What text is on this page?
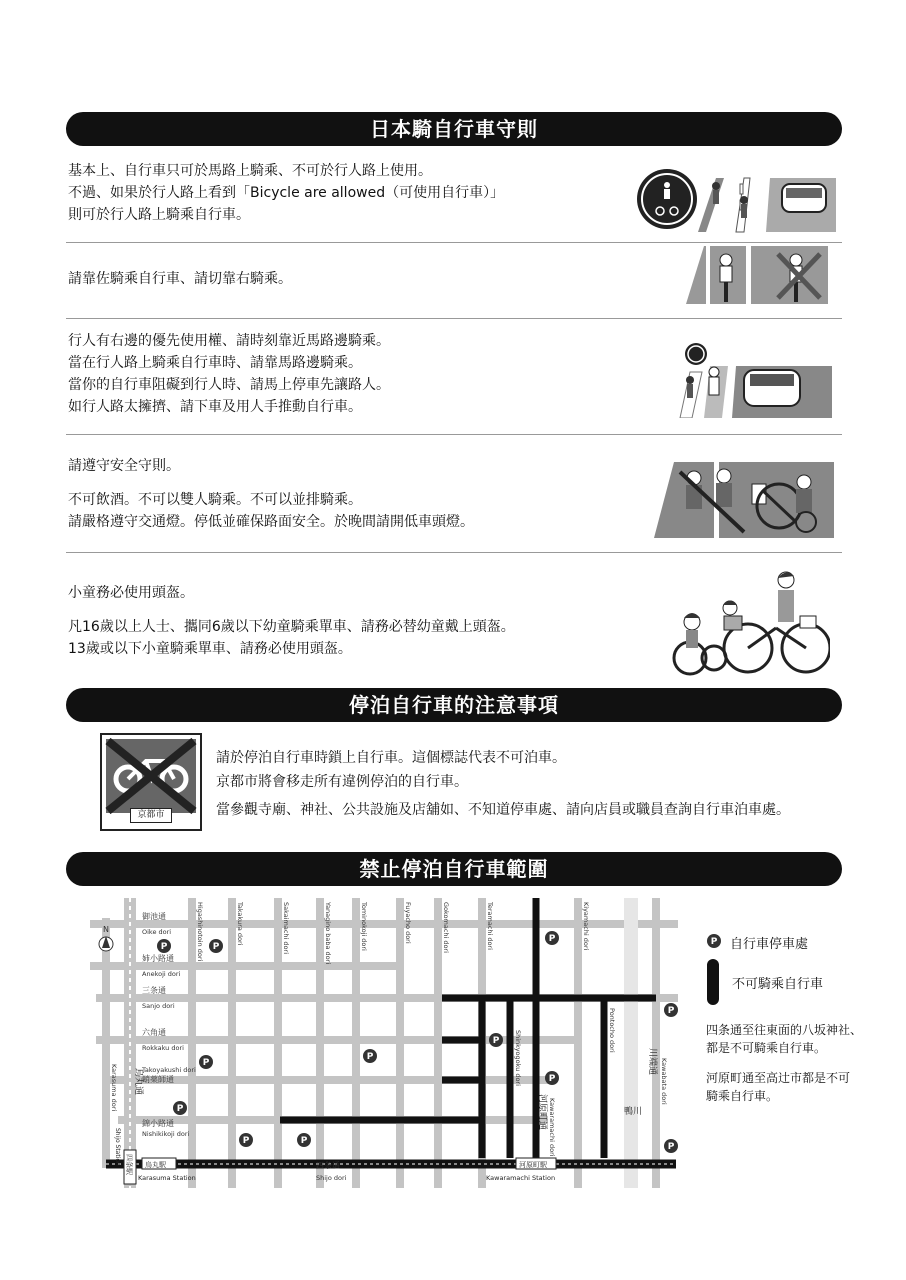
日本騎自行車守則
基本上、自行車只可於馬路上騎乘、不可於行人路上使用。
不過、如果於行人路上看到「Bicycle are allowed（可使用自行車）」
則可於行人路上騎乘自行車。
請靠佐騎乘自行車、請切靠右騎乘。
行人有右邊的優先使用權、請時刻靠近馬路邊騎乘。
當在行人路上騎乘自行車時、請靠馬路邊騎乘。
當你的自行車阻礙到行人時、請馬上停車先讓路人。
如行人路太擁擠、請下車及用人手推動自行車。
請遵守安全守則。
不可飲酒。不可以雙人騎乘。不可以並排騎乘。
請嚴格遵守交通燈。停低並確保路面安全。於晚間請開低車頭燈。
小童務必使用頭盔。
凡16歲以上人士、攜同6歲以下幼童騎乘單車、請務必替幼童戴上頭盔。
13歲或以下小童騎乘單車、請務必使用頭盔。
停泊自行車的注意事項
京都市
請於停泊自行車時鎖上自行車。這個標誌代表不可泊車。
京都市將會移走所有違例停泊的自行車。
當參觀寺廟、神社、公共設施及店舖如、不知道停車處、請向店員或職員查詢自行車泊車處。
禁止停泊自行車範圍
P	P
P
P
P
P
P
P
P	P
P
P
N
御池通
Oike dori
姉小路通
Anekoji dori
三条通
Sanjo dori
六角通
Rokkaku dori
Takoyakushi dori
蛸薬師通
錦小路通
Nishikikoji dori
四条通
Shijo dori
Higashinotoin dori	Takakura dori	Sakaimachi dori	Yanagino baba dori	Tominokoji dori	Fuyacho dori	Gokomachi dori	Teramachi dori
Shinkyogoku dori
Kawaramachi dori
Pontocho dori
Kiyamachi dori
Kawabata dori
Karasuma dori 烏丸通
河原町通	鴨川
川端通
烏丸駅
Karasuma Station
河原町駅
Kawaramachi Station
四条駅
Shijo Station
P 自行車停車處
不可騎乘自行車
四条通至往東面的八坂神社、
都是不可騎乘自行車。
河原町通至高辻市都是不可
騎乘自行車。
